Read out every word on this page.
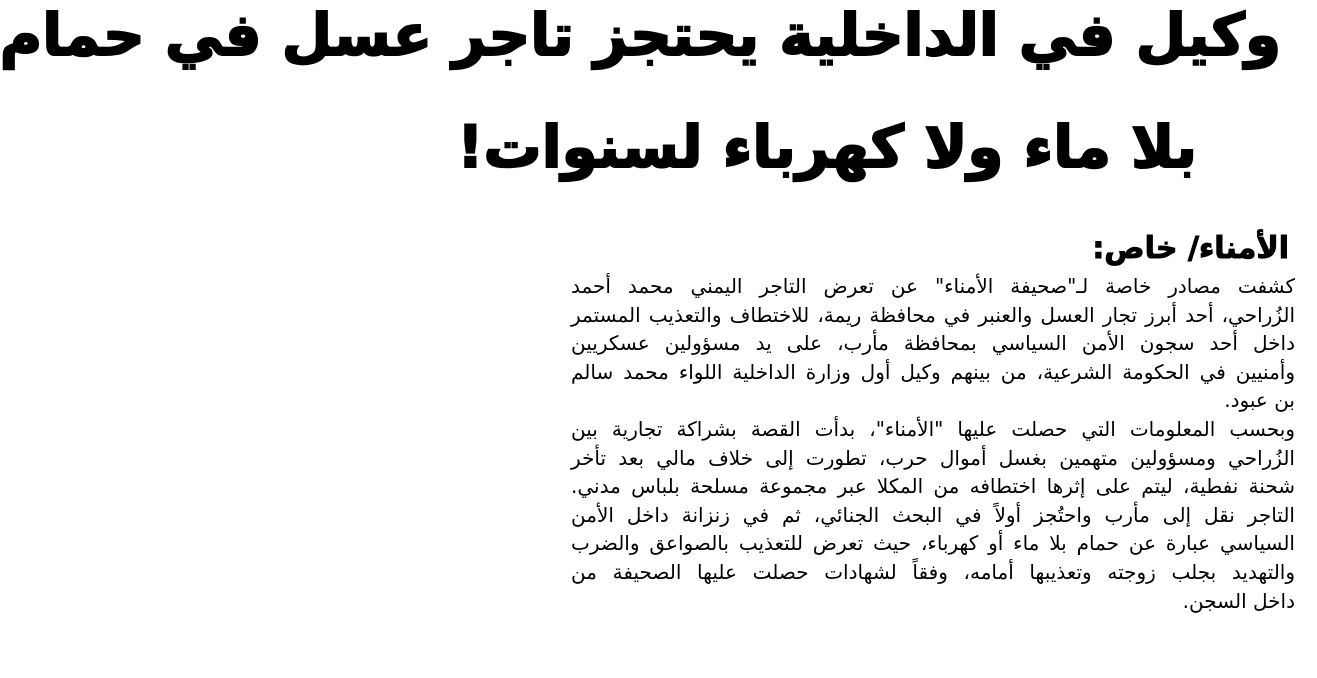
وكيل في الداخلية يحتجز تاجر عسل في حمام
بلا ماء ولا كهرباء لسنوات!
الأمناء/ خاص:

كشفت مصادر خاصة لـ"صحيفة الأمناء" عن تعرض التاجر اليمني محمد أحمد
الزُراحي، أحد أبرز تجار العسل والعنبر في محافظة ريمة، للاختطاف والتعذيب المستمر
داخل أحد سجون الأمن السياسي بمحافظة مأرب، على يد مسؤولين عسكريين
وأمنيين في الحكومة الشرعية، من بينهم وكيل أول وزارة الداخلية اللواء محمد سالم
بن عبود.

وبحسب المعلومات التي حصلت عليها "الأمناء"، بدأت القصة بشراكة تجارية بين
الزُراحي ومسؤولين متهمين بغسل أموال حرب، تطورت إلى خلاف مالي بعد تأخر
شحنة نفطية، ليتم على إثرها اختطافه من المكلا عبر مجموعة مسلحة بلباس مدني.

التاجر نقل إلى مأرب واحتُجز أولاً في البحث الجنائي، ثم في زنزانة داخل الأمن
السياسي عبارة عن حمام بلا ماء أو كهرباء، حيث تعرض للتعذيب بالصواعق والضرب
والتهديد بجلب زوجته وتعذيبها أمامه، وفقاً لشهادات حصلت عليها الصحيفة من
داخل السجن.
